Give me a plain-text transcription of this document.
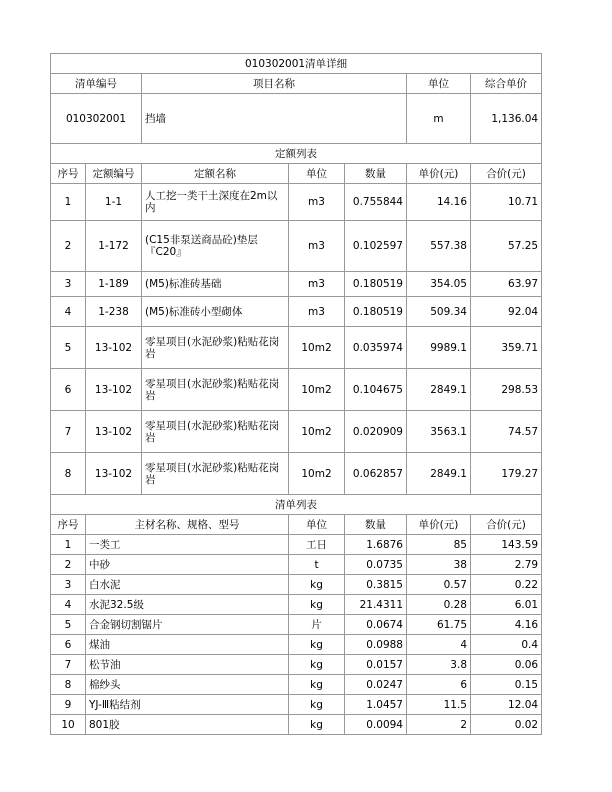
010302001清单详细						
清单编号		项目名称			单位	综合单价
010302001		挡墙			m	1,136.04
定额列表						
序号	定额编号	定额名称	单位	数量	单价(元)	合价(元)
1	1-1	人工挖一类干土深度在2m以内	m3	0.755844	14.16	10.71
2	1-172	(C15非泵送商品砼)垫层『C20』	m3	0.102597	557.38	57.25
3	1-189	(M5)标准砖基础	m3	0.180519	354.05	63.97
4	1-238	(M5)标准砖小型砌体	m3	0.180519	509.34	92.04
5	13-102	零星项目(水泥砂浆)粘贴花岗岩	10m2	0.035974	9989.1	359.71
6	13-102	零星项目(水泥砂浆)粘贴花岗岩	10m2	0.104675	2849.1	298.53
7	13-102	零星项目(水泥砂浆)粘贴花岗岩	10m2	0.020909	3563.1	74.57
8	13-102	零星项目(水泥砂浆)粘贴花岗岩	10m2	0.062857	2849.1	179.27
清单列表						
序号	主材名称、规格、型号		单位	数量	单价(元)	合价(元)
1	一类工		工日	1.6876	85	143.59
2	中砂		t	0.0735	38	2.79
3	白水泥		kg	0.3815	0.57	0.22
4	水泥32.5级		kg	21.4311	0.28	6.01
5	合金钢切割锯片		片	0.0674	61.75	4.16
6	煤油		kg	0.0988	4	0.4
7	松节油		kg	0.0157	3.8	0.06
8	棉纱头		kg	0.0247	6	0.15
9	YJ-Ⅲ粘结剂		kg	1.0457	11.5	12.04
10	801胶		kg	0.0094	2	0.02
